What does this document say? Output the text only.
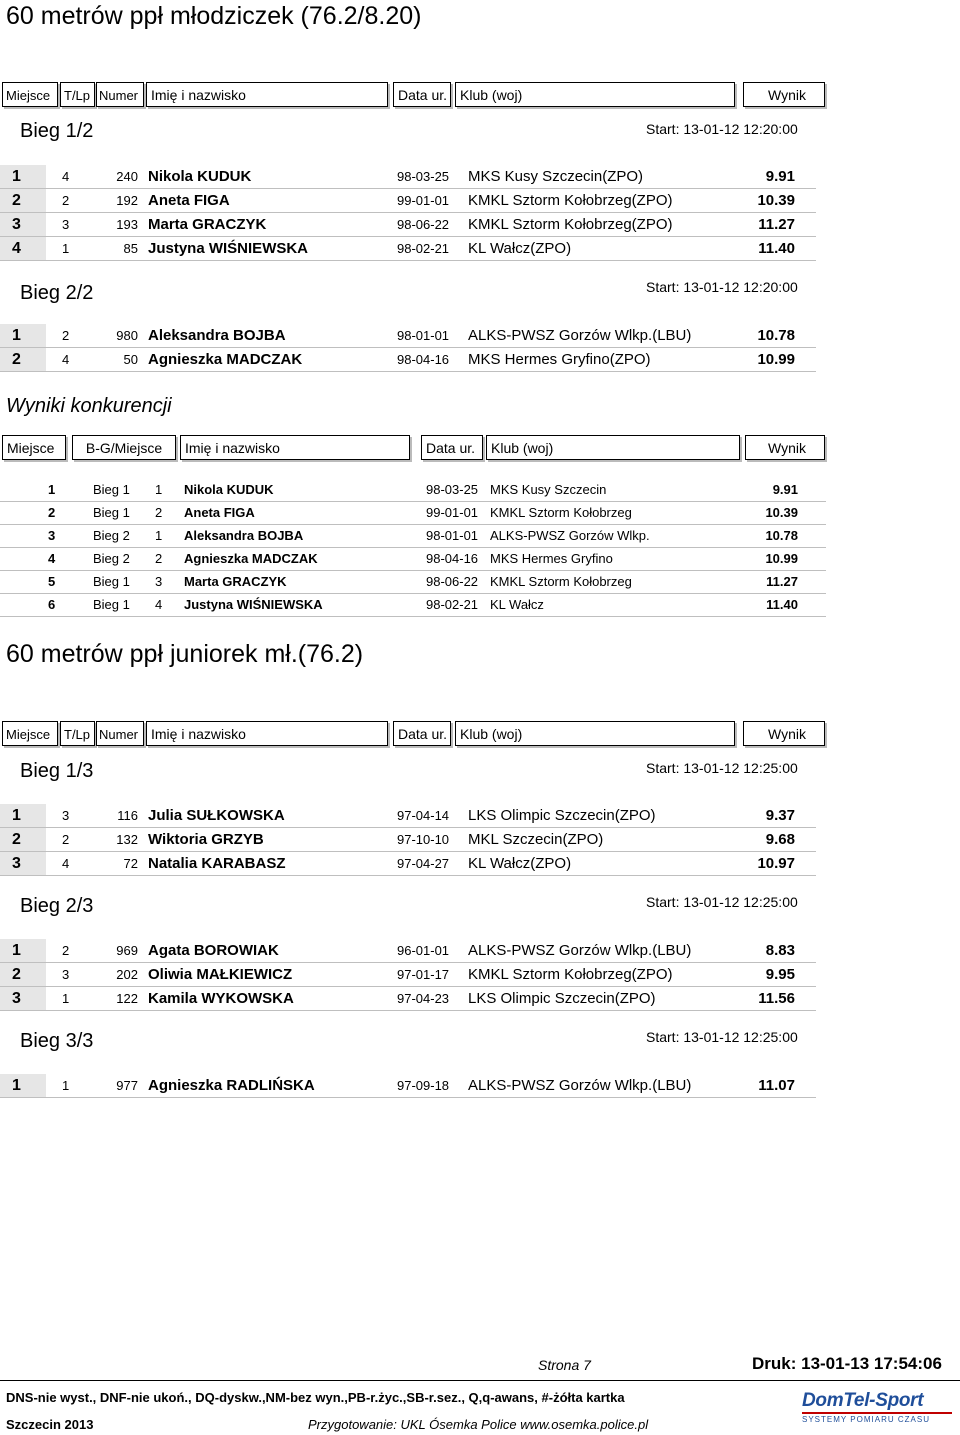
60 metrów ppł młodziczek (76.2/8.20)
Miejsce	T/Lp Numer Imię i nazwisko	Data ur. Klub (woj)	Wynik
Bieg 1/2	Start: 13-01-12 12:20:00
1	4	240 Nikola KUDUK	98-03-25 MKS Kusy Szczecin(ZPO)	9.91
2	2	192 Aneta FIGA	99-01-01 KMKL Sztorm Kołobrzeg(ZPO)	10.39
3	3	193 Marta GRACZYK	98-06-22 KMKL Sztorm Kołobrzeg(ZPO)	11.27
4	1	85 Justyna WIŚNIEWSKA	98-02-21 KL Wałcz(ZPO)	11.40
Bieg 2/2	Start: 13-01-12 12:20:00
1	2	980 Aleksandra BOJBA	98-01-01 ALKS-PWSZ Gorzów Wlkp.(LBU)	10.78
2	4	50 Agnieszka MADCZAK	98-04-16 MKS Hermes Gryfino(ZPO)	10.99
Wyniki konkurencji
Miejsce	B-G/Miejsce	Imię i nazwisko	Data ur.	Klub (woj)	Wynik
1	Bieg 1 1 Nikola KUDUK	98-03-25 MKS Kusy Szczecin	9.91
2	Bieg 1 2 Aneta FIGA	99-01-01 KMKL Sztorm Kołobrzeg	10.39
3	Bieg 2 1 Aleksandra BOJBA	98-01-01 ALKS-PWSZ Gorzów Wlkp.	10.78
4	Bieg 2 2 Agnieszka MADCZAK	98-04-16 MKS Hermes Gryfino	10.99
5	Bieg 1 3 Marta GRACZYK	98-06-22 KMKL Sztorm Kołobrzeg	11.27
6	Bieg 1 4 Justyna WIŚNIEWSKA	98-02-21 KL Wałcz	11.40
60 metrów ppł juniorek mł.(76.2)
Miejsce	T/Lp Numer Imię i nazwisko	Data ur. Klub (woj)	Wynik
Bieg 1/3	Start: 13-01-12 12:25:00
1	3	116 Julia SUŁKOWSKA	97-04-14 LKS Olimpic Szczecin(ZPO)	9.37
2	2	132 Wiktoria GRZYB	97-10-10 MKL Szczecin(ZPO)	9.68
3	4	72 Natalia KARABASZ	97-04-27 KL Wałcz(ZPO)	10.97
Bieg 2/3	Start: 13-01-12 12:25:00
1	2	969 Agata BOROWIAK	96-01-01 ALKS-PWSZ Gorzów Wlkp.(LBU)	8.83
2	3	202 Oliwia MAŁKIEWICZ	97-01-17 KMKL Sztorm Kołobrzeg(ZPO)	9.95
3	1	122 Kamila WYKOWSKA	97-04-23 LKS Olimpic Szczecin(ZPO)	11.56
Bieg 3/3	Start: 13-01-12 12:25:00
1	1	977 Agnieszka RADLIŃSKA	97-09-18 ALKS-PWSZ Gorzów Wlkp.(LBU)	11.07
Strona 7	Druk: 13-01-13 17:54:06
DNS-nie wyst., DNF-nie ukoń., DQ-dyskw.,NM-bez wyn.,PB-r.życ.,SB-r.sez., Q,q-awans, #-żółta kartka
Szczecin 2013	Przygotowanie: UKL Ósemka Police www.osemka.police.pl
DomTel-Sport
SYSTEMY POMIARU CZASU
